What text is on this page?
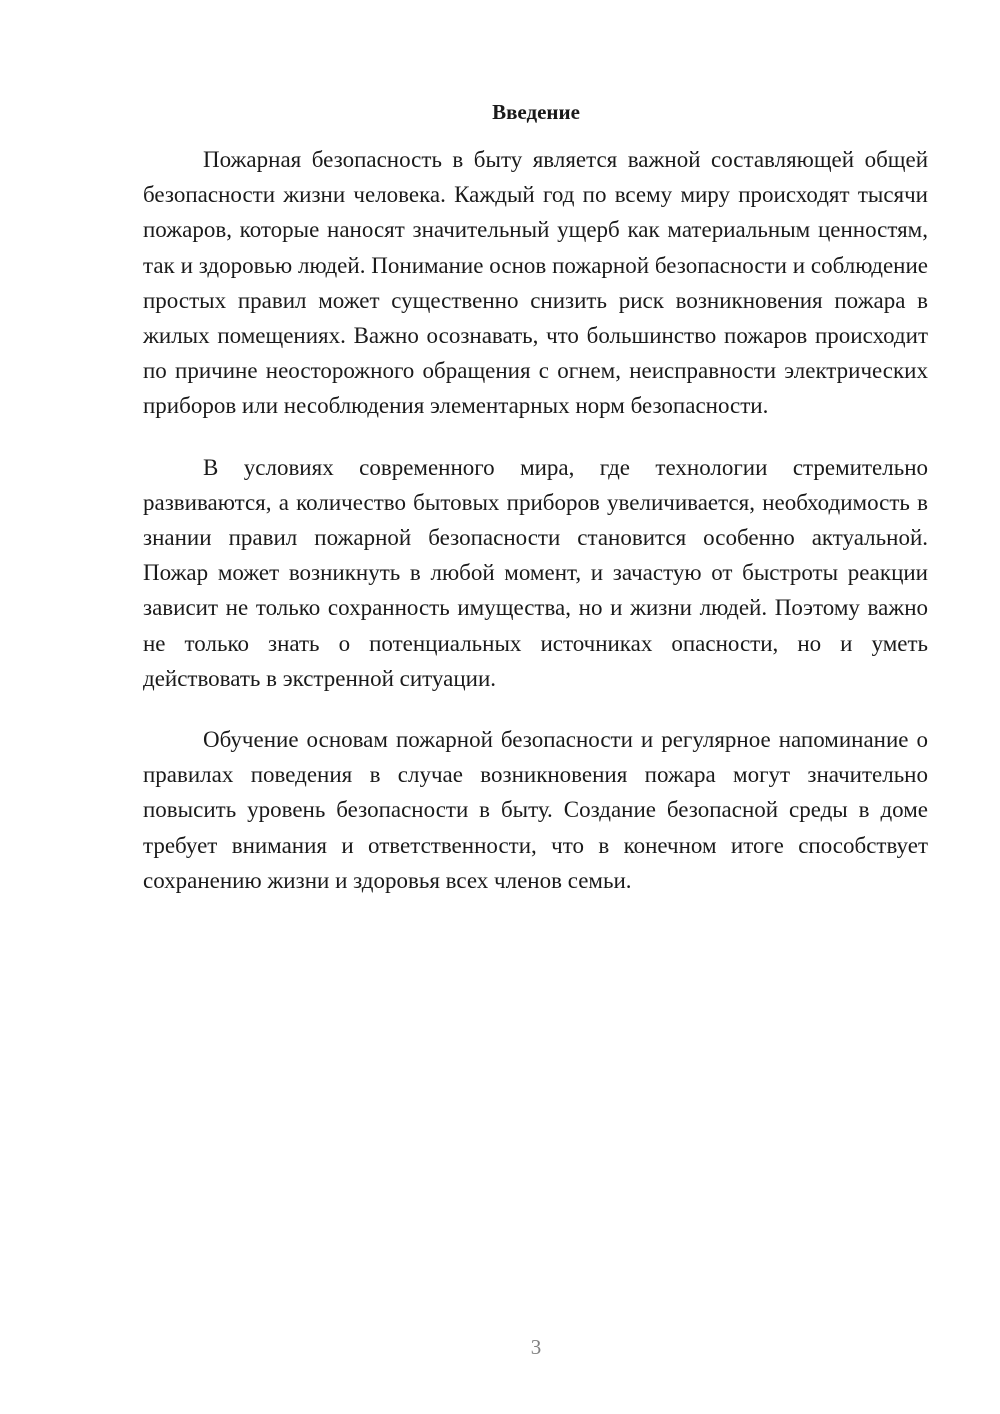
Введение

Пожарная безопасность в быту является важной составляющей общей безопасности жизни человека. Каждый год по всему миру происходят тысячи пожаров, которые наносят значительный ущерб как материальным ценностям, так и здоровью людей. Понимание основ пожарной безопасности и соблюдение простых правил может существенно снизить риск возникновения пожара в жилых помещениях. Важно осознавать, что большинство пожаров происходит по причине неосторожного обращения с огнем, неисправности электрических приборов или несоблюдения элементарных норм безопасности.

В условиях современного мира, где технологии стремительно развиваются, а количество бытовых приборов увеличивается, необходимость в знании правил пожарной безопасности становится особенно актуальной. Пожар может возникнуть в любой момент, и зачастую от быстроты реакции зависит не только сохранность имущества, но и жизни людей. Поэтому важно не только знать о потенциальных источниках опасности, но и уметь действовать в экстренной ситуации.

Обучение основам пожарной безопасности и регулярное напоминание о правилах поведения в случае возникновения пожара могут значительно повысить уровень безопасности в быту. Создание безопасной среды в доме требует внимания и ответственности, что в конечном итоге способствует сохранению жизни и здоровья всех членов семьи.

3
